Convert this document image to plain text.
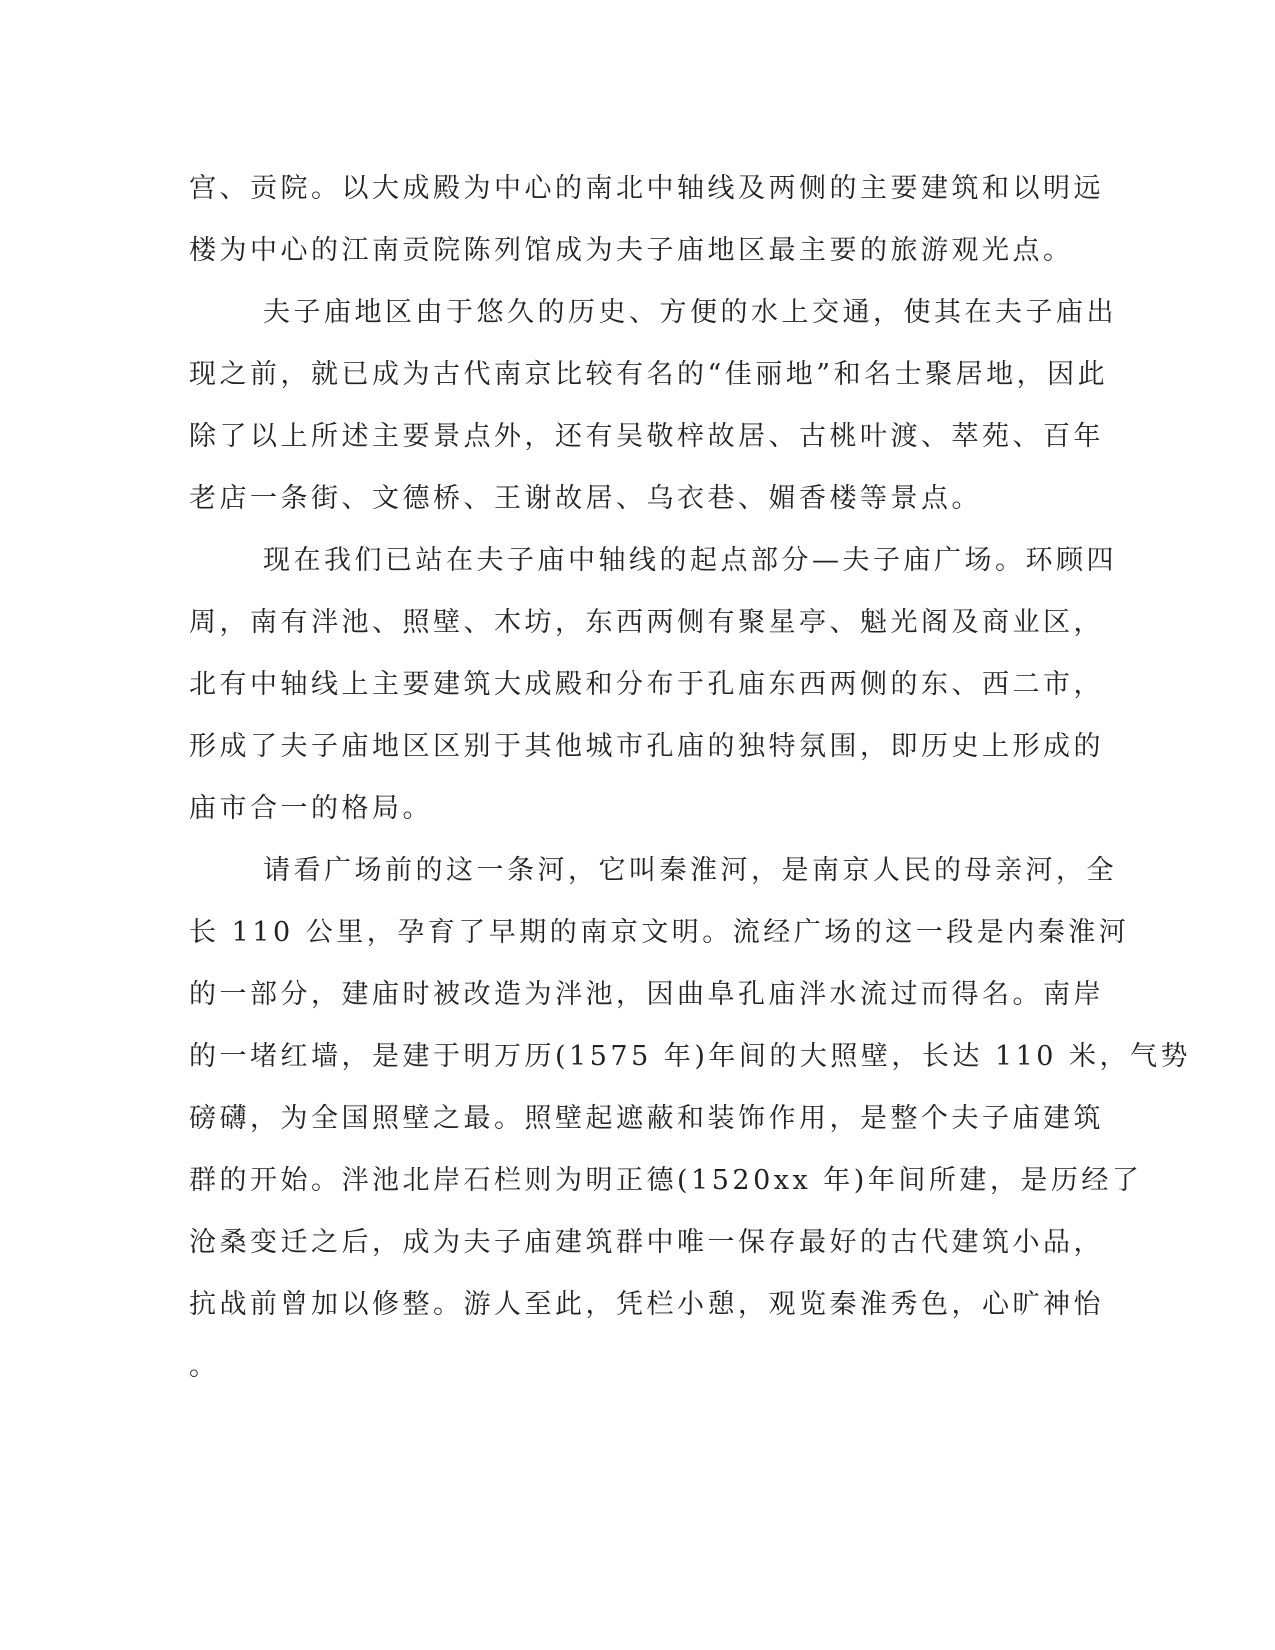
宫、贡院。以大成殿为中心的南北中轴线及两侧的主要建筑和以明远
楼为中心的江南贡院陈列馆成为夫子庙地区最主要的旅游观光点。
夫子庙地区由于悠久的历史、方便的水上交通，使其在夫子庙出
现之前，就已成为古代南京比较有名的“佳丽地”和名士聚居地，因此
除了以上所述主要景点外，还有吴敬梓故居、古桃叶渡、萃苑、百年
老店一条街、文德桥、王谢故居、乌衣巷、媚香楼等景点。
现在我们已站在夫子庙中轴线的起点部分—夫子庙广场。环顾四
周，南有泮池、照壁、木坊，东西两侧有聚星亭、魁光阁及商业区，
北有中轴线上主要建筑大成殿和分布于孔庙东西两侧的东、西二市，
形成了夫子庙地区区别于其他城市孔庙的独特氛围，即历史上形成的
庙市合一的格局。
请看广场前的这一条河，它叫秦淮河，是南京人民的母亲河，全
长 110 公里，孕育了早期的南京文明。流经广场的这一段是内秦淮河
的一部分，建庙时被改造为泮池，因曲阜孔庙泮水流过而得名。南岸
的一堵红墙，是建于明万历(1575 年)年间的大照壁，长达 110 米，气势
磅礴，为全国照壁之最。照壁起遮蔽和装饰作用，是整个夫子庙建筑
群的开始。泮池北岸石栏则为明正德(1520xx 年)年间所建，是历经了
沧桑变迁之后，成为夫子庙建筑群中唯一保存最好的古代建筑小品，
抗战前曾加以修整。游人至此，凭栏小憩，观览秦淮秀色，心旷神怡
。
